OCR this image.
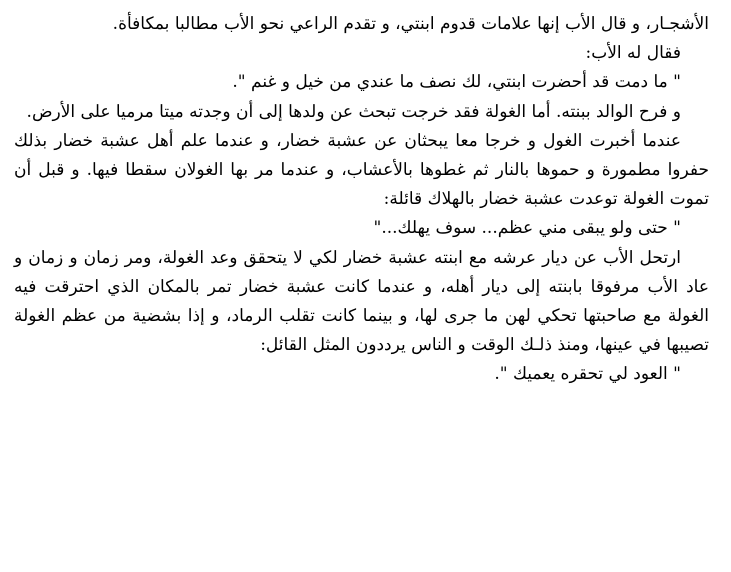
الأشجـار، و قال الأب إنها علامات قدوم ابنتي، و تقدم الراعي نحو الأب مطالبا بمكافأة.

فقال له الأب:

" ما دمت قد أحضرت ابنتي، لك نصف ما عندي من خيل و غنم ".

و فرح الوالد ببنته. أما الغولة فقد خرجت تبحث عن ولدها إلى أن وجدته ميتا مرميا على الأرض.

عندما أخبرت الغول و خرجا معا يبحثان عن عشبة خضار، و عندما علم أهل عشبة خضار بذلك حفروا مطمورة و حموها بالنار ثم غطوها بالأعشاب، و عندما مر بها الغولان سقطا فيها. و قبل أن تموت الغولة توعدت عشبة خضار بالهلاك قائلة:

" حتى ولو يبقى مني عظم... سوف يهلك..."

ارتحل الأب عن ديار عرشه مع ابنته عشبة خضار لكي لا يتحقق وعد الغولة، ومر زمان و زمان و عاد الأب مرفوقا بابنته إلى ديار أهله، و عندما كانت عشبة خضار تمر بالمكان الذي احترقت فيه الغولة مع صاحبتها تحكي لهن ما جرى لها، و بينما كانت تقلب الرماد، و إذا بشضية من عظم الغولة تصيبها في عينها، ومنذ ذلـك الوقت و الناس يرددون المثل القائل:

" العود لي تحقره يعميك ".
